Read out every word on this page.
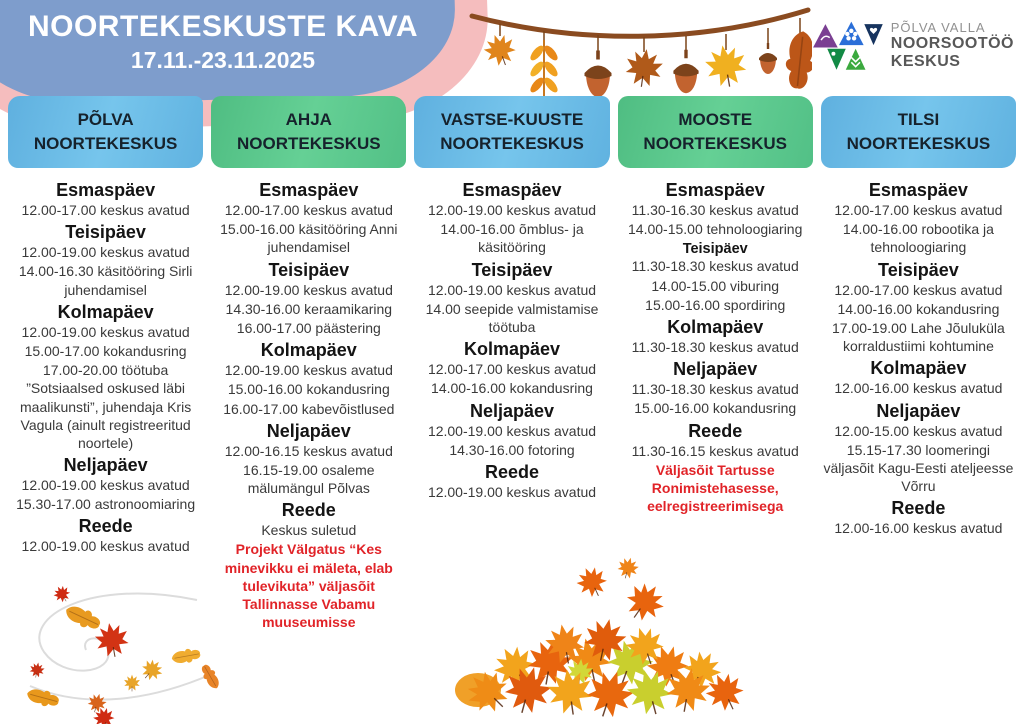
NOORTEKESKUSTE KAVA
17.11.-23.11.2025
PÕLVA VALLA
NOORSOOTÖÖ
KESKUS
PÕLVA NOORTEKESKUS
Esmaspäev
12.00-17.00 keskus avatud
Teisipäev
12.00-19.00 keskus avatud
14.00-16.30 käsitööring Sirli juhendamisel
Kolmapäev
12.00-19.00 keskus avatud
15.00-17.00 kokandusring
17.00-20.00 töötuba ”Sotsiaalsed oskused läbi maalikunsti”, juhendaja Kris Vagula (ainult registreeritud noortele)
Neljapäev
12.00-19.00 keskus avatud
15.30-17.00 astronoomiaring
Reede
12.00-19.00 keskus avatud
AHJA NOORTEKESKUS
Esmaspäev
12.00-17.00 keskus avatud
15.00-16.00 käsitööring Anni juhendamisel
Teisipäev
12.00-19.00 keskus avatud
14.30-16.00 keraamikaring
16.00-17.00 päästering
Kolmapäev
12.00-19.00 keskus avatud
15.00-16.00 kokandusring
16.00-17.00 kabevõistlused
Neljapäev
12.00-16.15 keskus avatud
16.15-19.00 osaleme mälumängul Põlvas
Reede
Keskus suletud
Projekt Välgatus “Kes minevikku ei mäleta, elab tulevikuta” väljasõit Tallinnasse Vabamu muuseumisse
VASTSE-KUUSTE NOORTEKESKUS
Esmaspäev
12.00-19.00 keskus avatud
14.00-16.00 õmblus- ja käsitööring
Teisipäev
12.00-19.00 keskus avatud
14.00 seepide valmistamise töötuba
Kolmapäev
12.00-17.00 keskus avatud
14.00-16.00 kokandusring
Neljapäev
12.00-19.00 keskus avatud
14.30-16.00 fotoring
Reede
12.00-19.00 keskus avatud
MOOSTE NOORTEKESKUS
Esmaspäev
11.30-16.30 keskus avatud
14.00-15.00 tehnoloogiaring
Teisipäev
11.30-18.30 keskus avatud
14.00-15.00 viburing
15.00-16.00 spordiring
Kolmapäev
11.30-18.30 keskus avatud
Neljapäev
11.30-18.30 keskus avatud
15.00-16.00 kokandusring
Reede
11.30-16.15 keskus avatud
Väljasõit Tartusse Ronimistehasesse, eelregistreerimisega
TILSI NOORTEKESKUS
Esmaspäev
12.00-17.00 keskus avatud
14.00-16.00 robootika ja tehnoloogiaring
Teisipäev
12.00-17.00 keskus avatud
14.00-16.00 kokandusring
17.00-19.00 Lahe Jõuluküla korraldustiimi kohtumine
Kolmapäev
12.00-16.00 keskus avatud
Neljapäev
12.00-15.00 keskus avatud
15.15-17.30 loomeringi väljasõit Kagu-Eesti ateljeesse Võrru
Reede
12.00-16.00 keskus avatud
